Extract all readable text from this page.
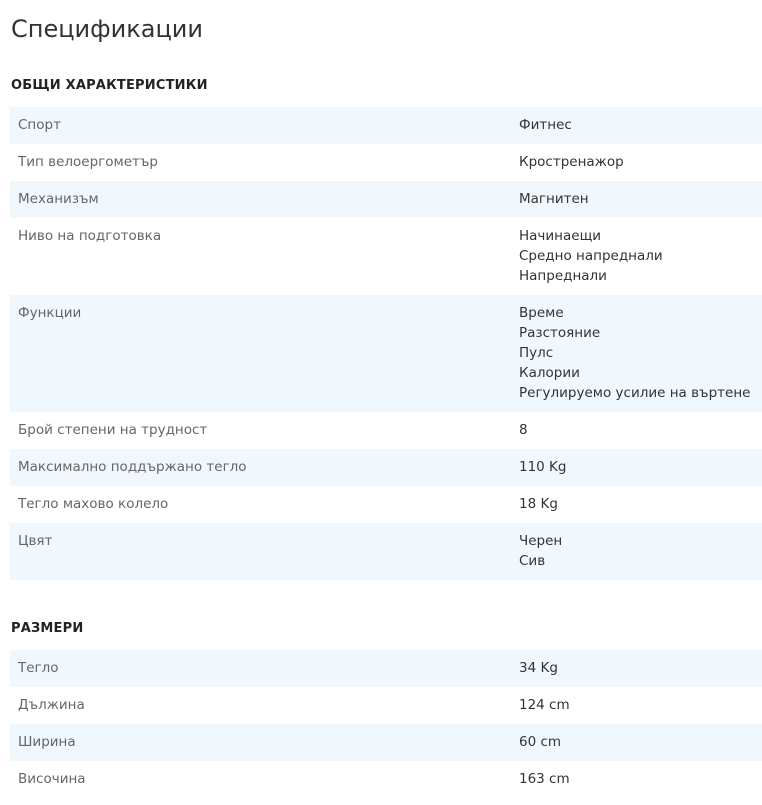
Спецификации
ОБЩИ ХАРАКТЕРИСТИКИ
Спорт	Фитнес

Тип велоергометър	Кростренажор

Механизъм	Магнитен

Ниво на подготовка	Начинаещи
Средно напреднали
Напреднали

Функции	Време
Разстояние
Пулс
Калории
Регулируемо усилие на въртене

Брой степени на трудност	8

Максимално поддържано тегло	110 Kg

Тегло махово колело	18 Kg

Цвят	Черен
Сив
РАЗМЕРИ
Тегло	34 Kg

Дължина	124 cm

Ширина	60 cm

Височина	163 cm
